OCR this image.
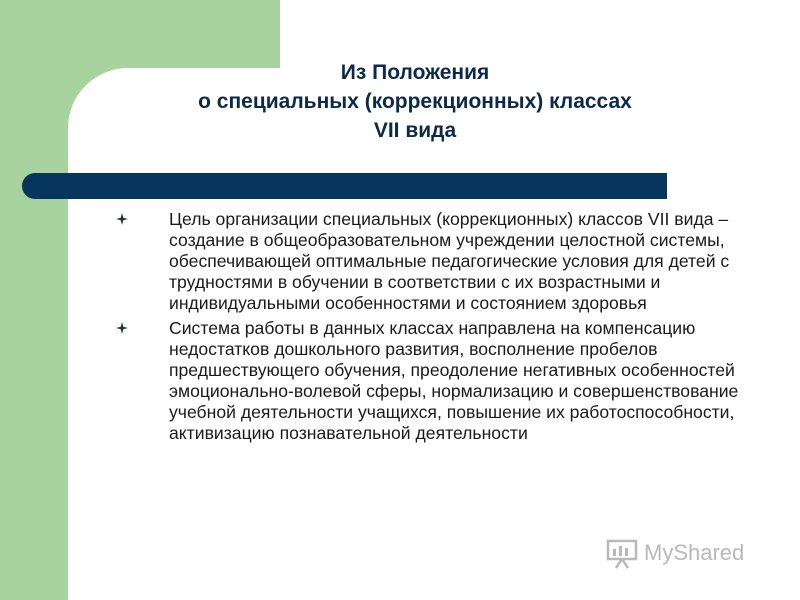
Из Положения
о специальных (коррекционных) классах
VII вида
Цель организации специальных (коррекционных) классов VII вида – создание в общеобразовательном учреждении целостной системы, обеспечивающей оптимальные педагогические условия для детей с трудностями в обучении в соответствии с их возрастными и индивидуальными особенностями и состоянием здоровья
Система работы в данных классах направлена на компенсацию недостатков дошкольного развития, восполнение пробелов предшествующего обучения, преодоление негативных особенностей эмоционально-волевой сферы, нормализацию и совершенствование учебной деятельности учащихся, повышение их работоспособности, активизацию познавательной деятельности
MyShared
